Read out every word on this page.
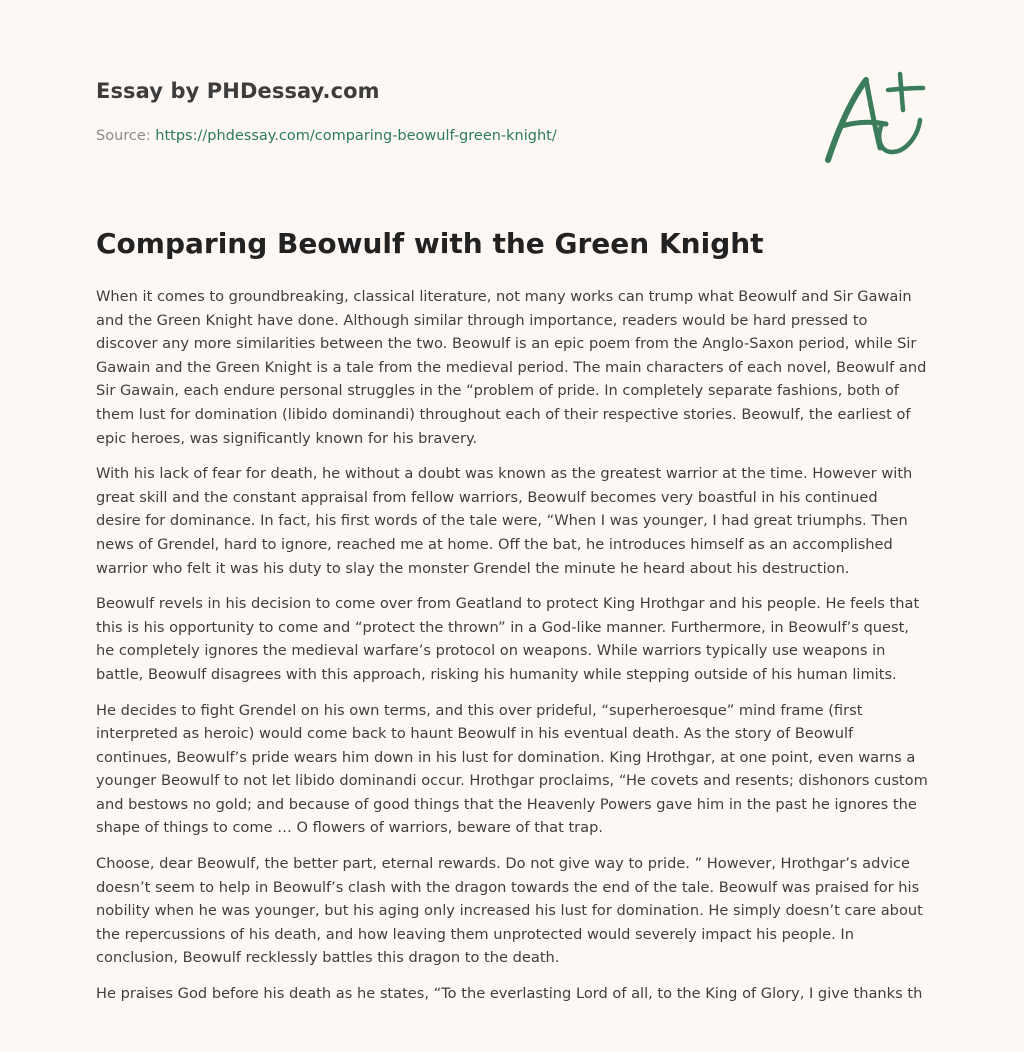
Essay by PHDessay.com
Source: https://phdessay.com/comparing-beowulf-green-knight/
Comparing Beowulf with the Green Knight

When it comes to groundbreaking, classical literature, not many works can trump what Beowulf and Sir Gawain
and the Green Knight have done. Although similar through importance, readers would be hard pressed to
discover any more similarities between the two. Beowulf is an epic poem from the Anglo-Saxon period, while Sir
Gawain and the Green Knight is a tale from the medieval period. The main characters of each novel, Beowulf and
Sir Gawain, each endure personal struggles in the “problem of pride. In completely separate fashions, both of
them lust for domination (libido dominandi) throughout each of their respective stories. Beowulf, the earliest of
epic heroes, was significantly known for his bravery.

With his lack of fear for death, he without a doubt was known as the greatest warrior at the time. However with
great skill and the constant appraisal from fellow warriors, Beowulf becomes very boastful in his continued
desire for dominance. In fact, his first words of the tale were, “When I was younger, I had great triumphs. Then
news of Grendel, hard to ignore, reached me at home. Off the bat, he introduces himself as an accomplished
warrior who felt it was his duty to slay the monster Grendel the minute he heard about his destruction.

Beowulf revels in his decision to come over from Geatland to protect King Hrothgar and his people. He feels that
this is his opportunity to come and “protect the thrown” in a God-like manner. Furthermore, in Beowulf’s quest,
he completely ignores the medieval warfare’s protocol on weapons. While warriors typically use weapons in
battle, Beowulf disagrees with this approach, risking his humanity while stepping outside of his human limits.

He decides to fight Grendel on his own terms, and this over prideful, “superheroesque” mind frame (first
interpreted as heroic) would come back to haunt Beowulf in his eventual death. As the story of Beowulf
continues, Beowulf’s pride wears him down in his lust for domination. King Hrothgar, at one point, even warns a
younger Beowulf to not let libido dominandi occur. Hrothgar proclaims, “He covets and resents; dishonors custom
and bestows no gold; and because of good things that the Heavenly Powers gave him in the past he ignores the
shape of things to come … O flowers of warriors, beware of that trap.

Choose, dear Beowulf, the better part, eternal rewards. Do not give way to pride. ” However, Hrothgar’s advice
doesn’t seem to help in Beowulf’s clash with the dragon towards the end of the tale. Beowulf was praised for his
nobility when he was younger, but his aging only increased his lust for domination. He simply doesn’t care about
the repercussions of his death, and how leaving them unprotected would severely impact his people. In
conclusion, Beowulf recklessly battles this dragon to the death.

He praises God before his death as he states, “To the everlasting Lord of all, to the King of Glory, I give thanks th
